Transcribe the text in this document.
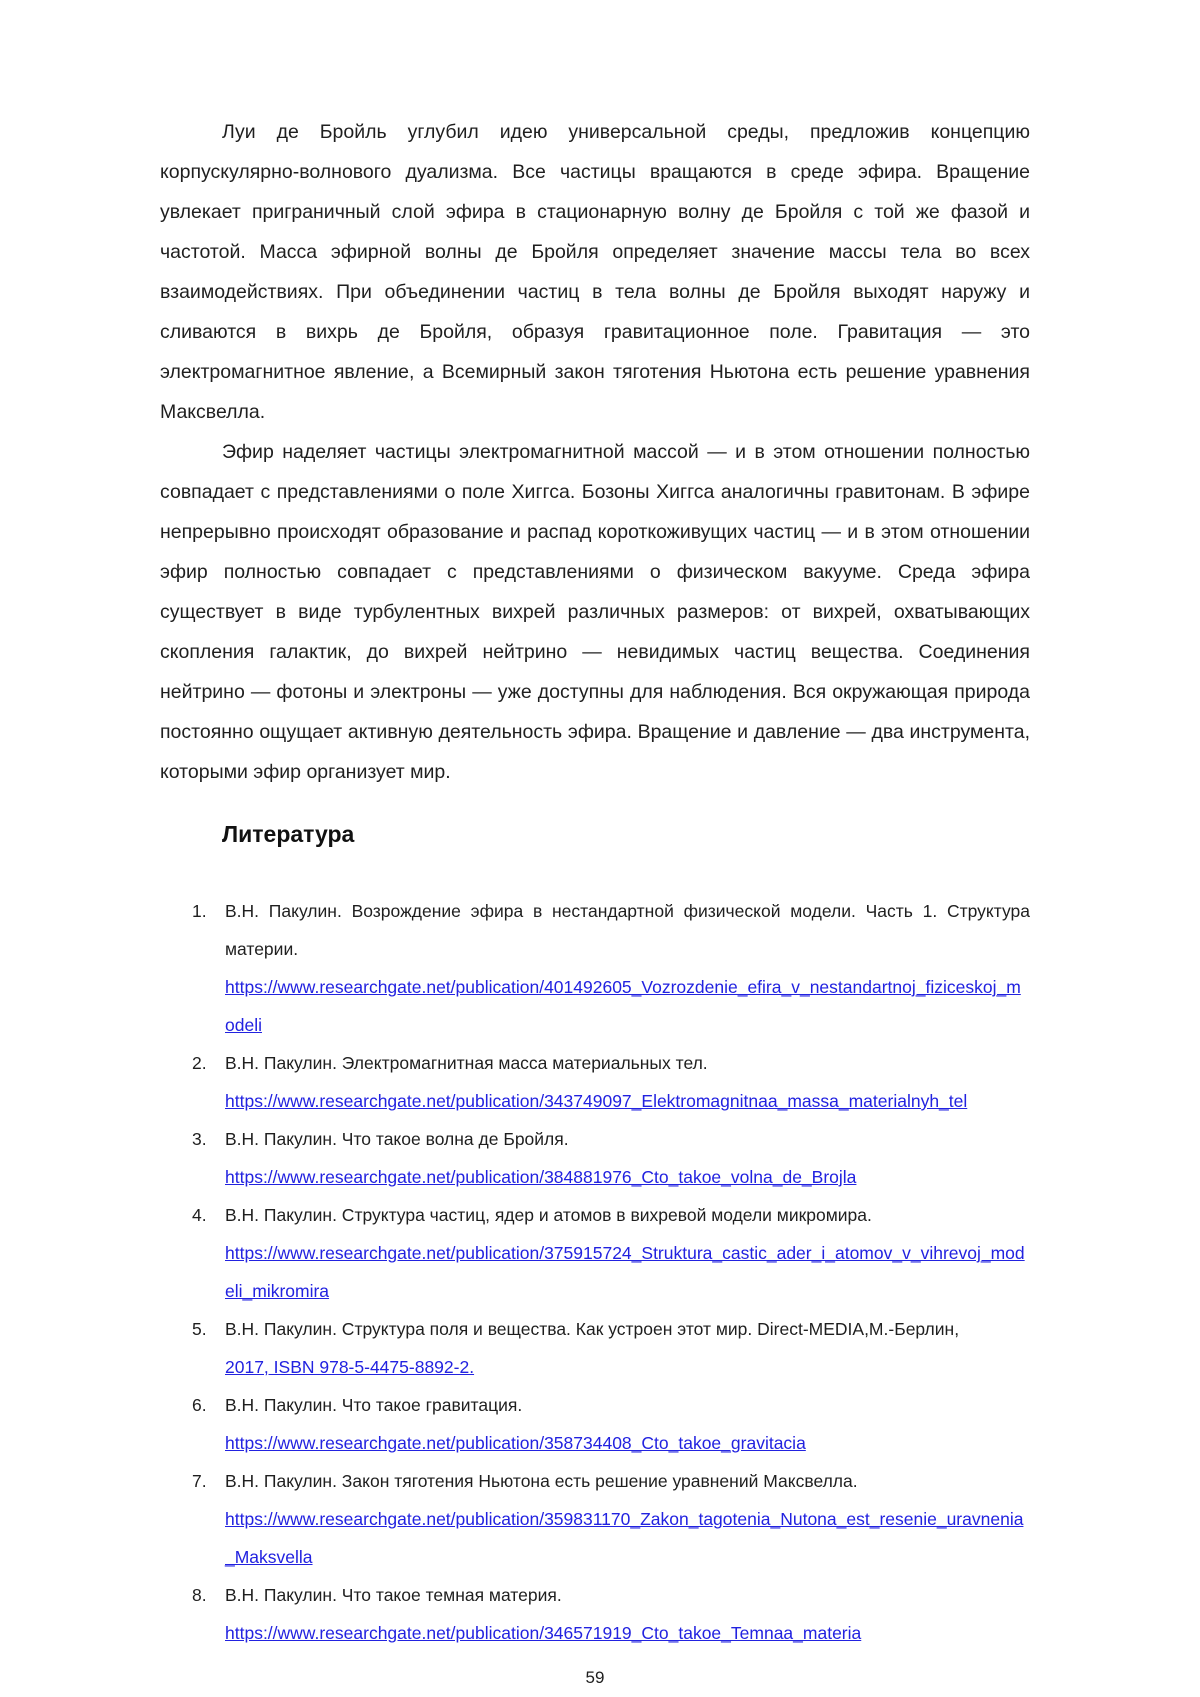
Луи де Бройль углубил идею универсальной среды, предложив концепцию корпускулярно-волнового дуализма. Все частицы вращаются в среде эфира. Вращение увлекает приграничный слой эфира в стационарную волну де Бройля с той же фазой и частотой. Масса эфирной волны де Бройля определяет значение массы тела во всех взаимодействиях. При объединении частиц в тела волны де Бройля выходят наружу и сливаются в вихрь де Бройля, образуя гравитационное поле. Гравитация — это электромагнитное явление, а Всемирный закон тяготения Ньютона есть решение уравнения Максвелла.

Эфир наделяет частицы электромагнитной массой — и в этом отношении полностью совпадает с представлениями о поле Хиггса. Бозоны Хиггса аналогичны гравитонам. В эфире непрерывно происходят образование и распад короткоживущих частиц — и в этом отношении эфир полностью совпадает с представлениями о физическом вакууме. Среда эфира существует в виде турбулентных вихрей различных размеров: от вихрей, охватывающих скопления галактик, до вихрей нейтрино — невидимых частиц вещества. Соединения нейтрино — фотоны и электроны — уже доступны для наблюдения. Вся окружающая природа постоянно ощущает активную деятельность эфира. Вращение и давление — два инструмента, которыми эфир организует мир.

Литература
1.	В.Н. Пакулин. Возрождение эфира в нестандартной физической модели. Часть 1. Структура материи.
https://www.researchgate.net/publication/401492605_Vozrozdenie_efira_v_nestandartnoj_fiziceskoj_modeli
2.	В.Н. Пакулин. Электромагнитная масса материальных тел.
https://www.researchgate.net/publication/343749097_Elektromagnitnaa_massa_materialnyh_tel
3.	В.Н. Пакулин. Что такое волна де Бройля.
https://www.researchgate.net/publication/384881976_Cto_takoe_volna_de_Brojla
4.	В.Н. Пакулин. Структура частиц, ядер и атомов в вихревой модели микромира.
https://www.researchgate.net/publication/375915724_Struktura_castic_ader_i_atomov_v_vihrevoj_modeli_mikromira
5.	В.Н. Пакулин. Структура поля и вещества. Как устроен этот мир. Direct-MEDIA,М.-Берлин,
2017, ISBN 978-5-4475-8892-2.
6.	В.Н. Пакулин. Что такое гравитация.
https://www.researchgate.net/publication/358734408_Cto_takoe_gravitacia
7.	В.Н. Пакулин. Закон тяготения Ньютона есть решение уравнений Максвелла.
https://www.researchgate.net/publication/359831170_Zakon_tagotenia_Nutona_est_resenie_uravnenia_Maksvella
8.	В.Н. Пакулин. Что такое темная материя.
https://www.researchgate.net/publication/346571919_Cto_takoe_Temnaa_materia
59
